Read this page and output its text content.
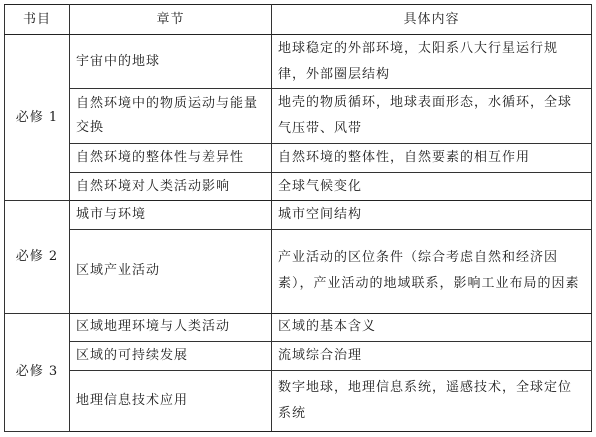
书目	章节	具体内容
必修 1	宇宙中的地球	地球稳定的外部环境，太阳系八大行星运行规律，外部圈层结构
	自然环境中的物质运动与能量交换	地壳的物质循环，地球表面形态，水循环，全球气压带、风带
	自然环境的整体性与差异性	自然环境的整体性，自然要素的相互作用
	自然环境对人类活动影响	全球气候变化
必修 2	城市与环境	城市空间结构
	区域产业活动	产业活动的区位条件（综合考虑自然和经济因素），产业活动的地域联系，影响工业布局的因素
必修 3	区域地理环境与人类活动	区域的基本含义
	区域的可持续发展	流域综合治理
	地理信息技术应用	数字地球，地理信息系统，遥感技术，全球定位系统
